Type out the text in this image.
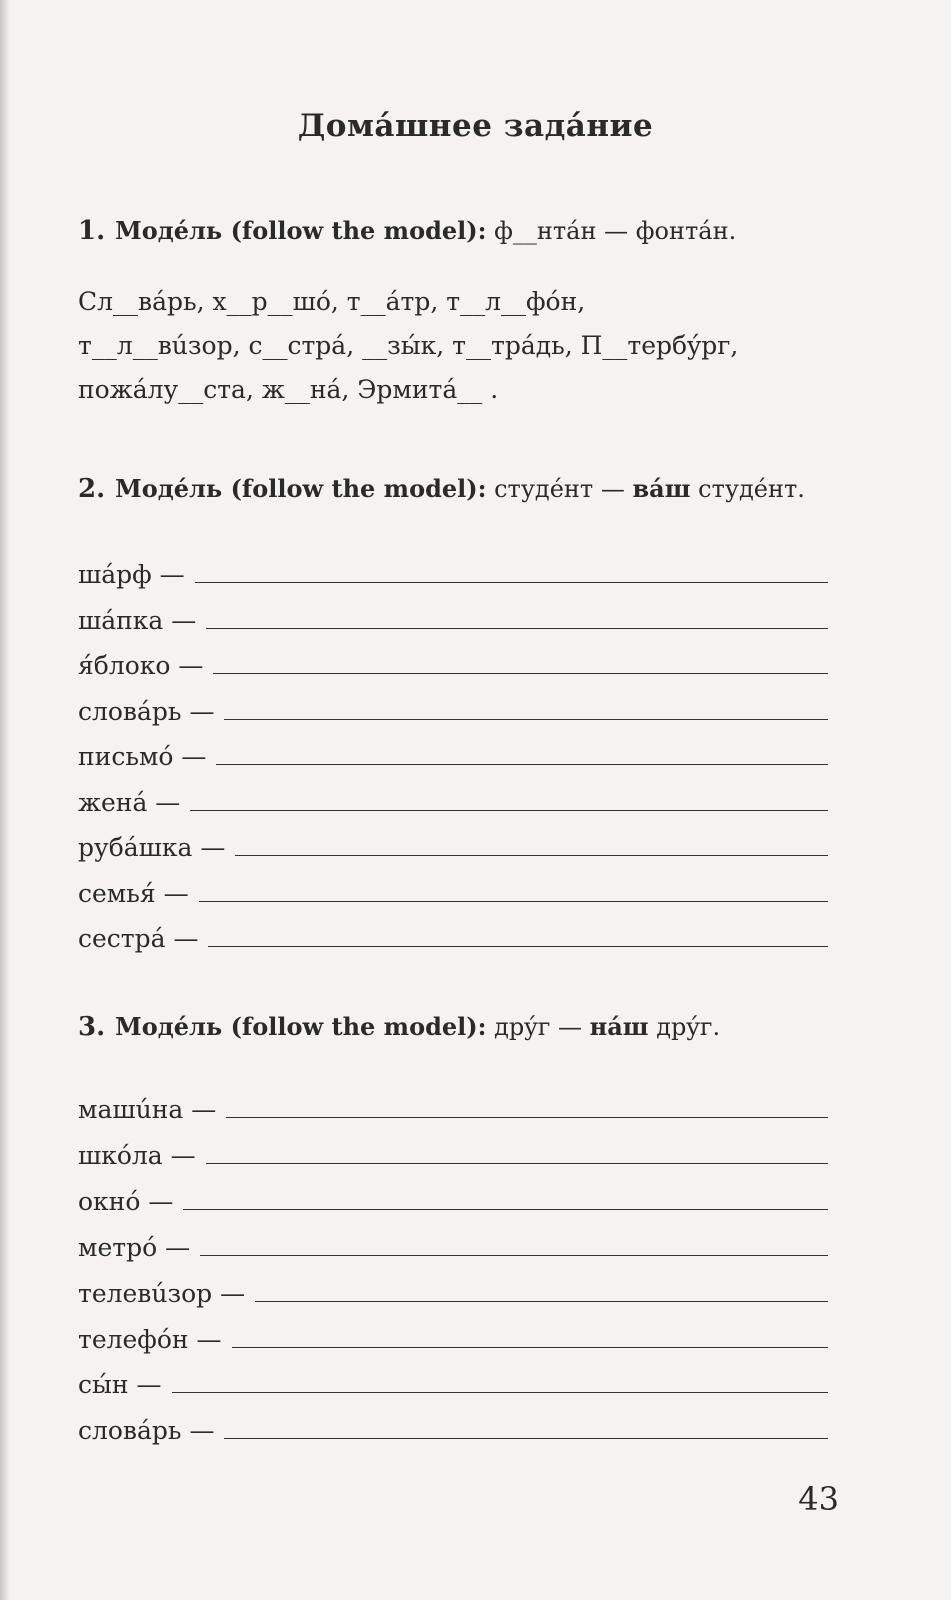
Домáшнее задáние
1. Модéль (follow the model): ф__нтáн — фонтáн.
Сл__вáрь, х__р__шó, т__áтр, т__л__фóн,
т__л__вúзор, с__стрá, __зы́к, т__трáдь, П__тербýрг,
пожáлу__ста, ж__нá, Эрмитá__ .
2. Модéль (follow the model): студéнт — вáш студéнт.
шáрф —
шáпка —
я́блоко —
словáрь —
письмó —
женá —
рубáшка —
семья́ —
сестрá —
3. Модéль (follow the model): дрýг — нáш дрýг.
машúна —
шкóла —
окнó —
метрó —
телевúзор —
телефóн —
сы́н —
словáрь —
43
